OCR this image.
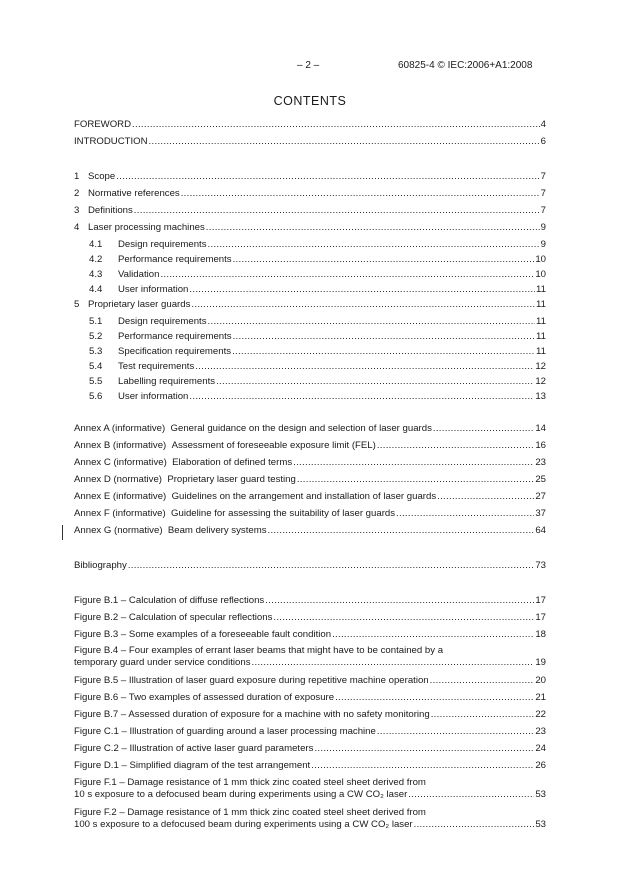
– 2 –	60825-4 © IEC:2006+A1:2008
CONTENTS
FOREWORD .....	4
INTRODUCTION .....	6
1 Scope .....	7
2 Normative references .....	7
3 Definitions .....	7
4 Laser processing machines .....	9
4.1 Design requirements .....	9
4.2 Performance requirements .....	10
4.3 Validation .....	10
4.4 User information .....	11
5 Proprietary laser guards .....	11
5.1 Design requirements .....	11
5.2 Performance requirements .....	11
5.3 Specification requirements .....	11
5.4 Test requirements .....	12
5.5 Labelling requirements .....	12
5.6 User information .....	13
Annex A (informative) General guidance on the design and selection of laser guards .....	14
Annex B (informative) Assessment of foreseeable exposure limit (FEL) .....	16
Annex C (informative) Elaboration of defined terms .....	23
Annex D (normative) Proprietary laser guard testing .....	25
Annex E (informative) Guidelines on the arrangement and installation of laser guards .....	27
Annex F (informative) Guideline for assessing the suitability of laser guards .....	37
Annex G (normative) Beam delivery systems .....	64
Bibliography .....	73
Figure B.1 – Calculation of diffuse reflections .....	17
Figure B.2 – Calculation of specular reflections .....	17
Figure B.3 – Some examples of a foreseeable fault condition .....	18
Figure B.4 – Four examples of errant laser beams that might have to be contained by a
temporary guard under service conditions .....	19
Figure B.5 – Illustration of laser guard exposure during repetitive machine operation .....	20
Figure B.6 – Two examples of assessed duration of exposure .....	21
Figure B.7 – Assessed duration of exposure for a machine with no safety monitoring .....	22
Figure C.1 – Illustration of guarding around a laser processing machine .....	23
Figure C.2 – Illustration of active laser guard parameters .....	24
Figure D.1 – Simplified diagram of the test arrangement .....	26
Figure F.1 – Damage resistance of 1 mm thick zinc coated steel sheet derived from
10 s exposure to a defocused beam during experiments using a CW CO₂ laser .....	53
Figure F.2 – Damage resistance of 1 mm thick zinc coated steel sheet derived from
100 s exposure to a defocused beam during experiments using a CW CO₂ laser .....	53
